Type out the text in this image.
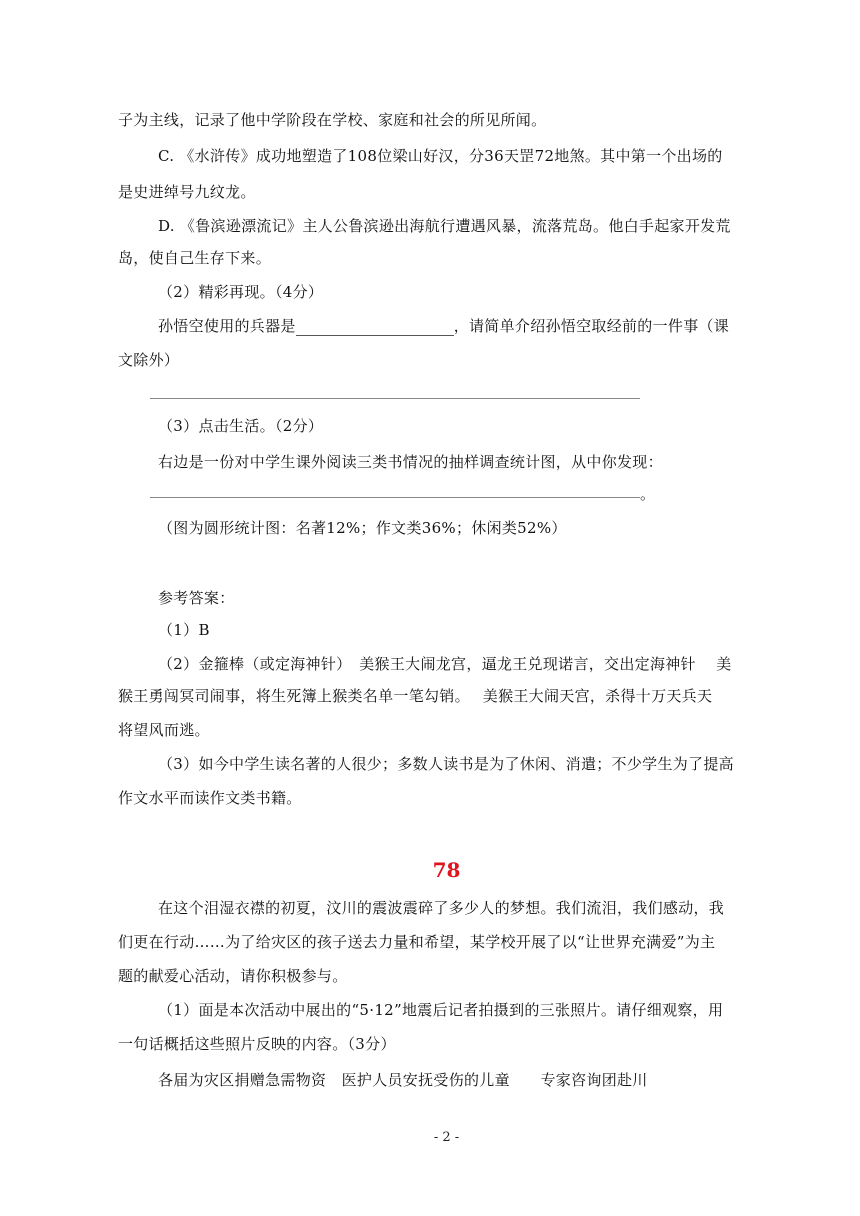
子为主线，记录了他中学阶段在学校、家庭和社会的所见所闻。
C. 《水浒传》成功地塑造了108位梁山好汉，分36天罡72地煞。其中第一个出场的
是史进绰号九纹龙。
D. 《鲁滨逊漂流记》主人公鲁滨逊出海航行遭遇风暴，流落荒岛。他白手起家开发荒
岛，使自己生存下来。
（2）精彩再现。（4分）
孙悟空使用的兵器是	，请简单介绍孙悟空取经前的一件事（课
文除外）
（3）点击生活。（2分）
右边是一份对中学生课外阅读三类书情况的抽样调查统计图，从中你发现：
。
（图为圆形统计图：名著12%；作文类36%；休闲类52%）
参考答案：
（1）B
（2）金箍棒（或定海神针）　美猴王大闹龙宫，逼龙王兑现诺言，交出定海神针　 美
猴王勇闯冥司闹事，将生死簿上猴类名单一笔勾销。　 美猴王大闹天宫，杀得十万天兵天
将望风而逃。
（3）如今中学生读名著的人很少；多数人读书是为了休闲、消遣；不少学生为了提高
作文水平而读作文类书籍。
78
在这个泪湿衣襟的初夏，汶川的震波震碎了多少人的梦想。我们流泪，我们感动，我
们更在行动……为了给灾区的孩子送去力量和希望，某学校开展了以“让世界充满爱”为主
题的献爱心活动，请你积极参与。
（1）面是本次活动中展出的“5·12”地震后记者拍摄到的三张照片。请仔细观察，用
一句话概括这些照片反映的内容。（3分）
各届为灾区捐赠急需物资　医护人员安抚受伤的儿童　　专家咨询团赴川
- 2 -
